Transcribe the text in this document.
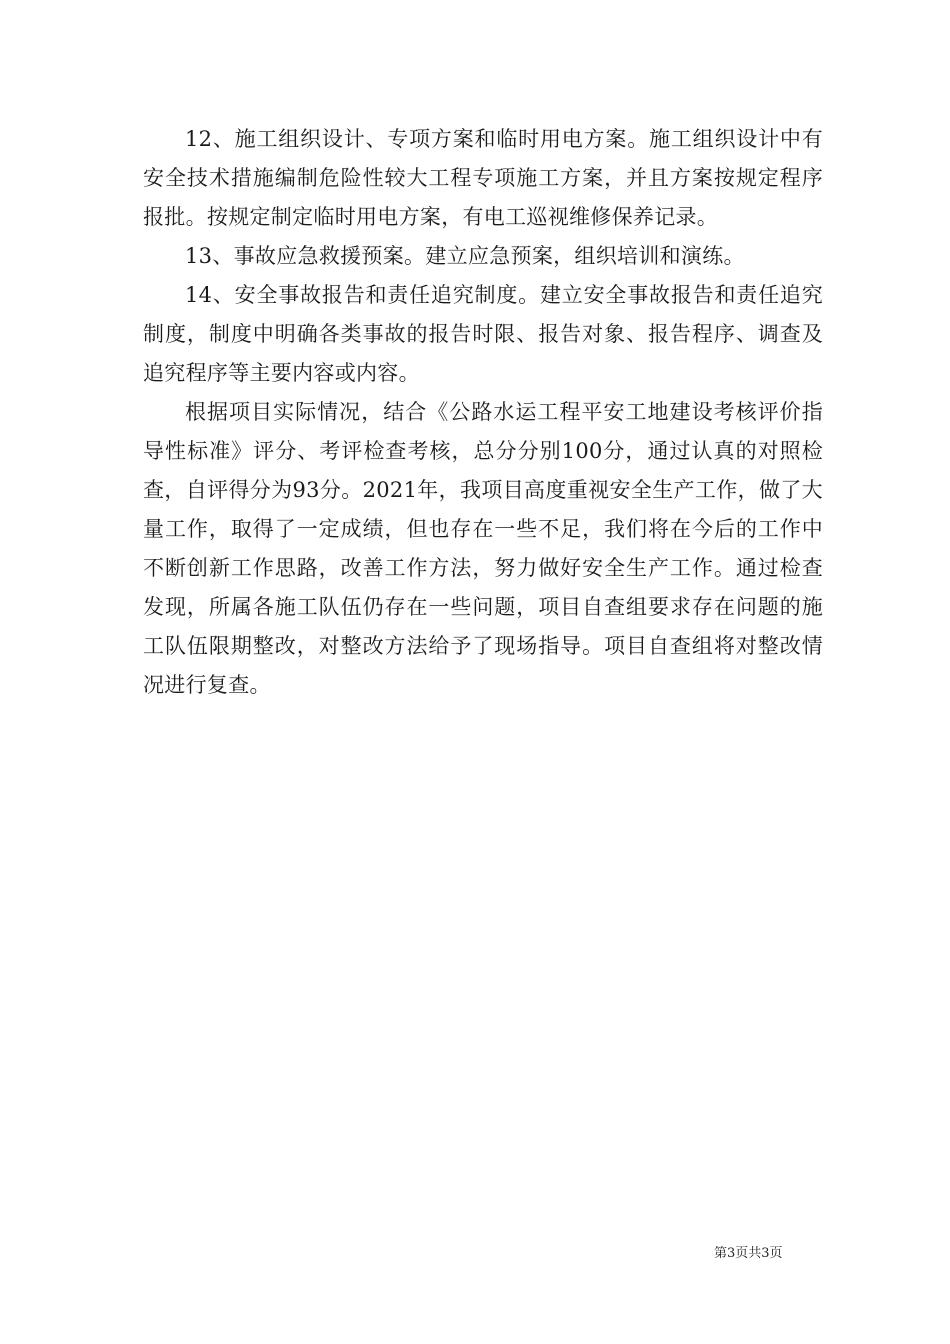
12、施工组织设计、专项方案和临时用电方案。施工组织设计中有安全技术措施编制危险性较大工程专项施工方案，并且方案按规定程序报批。按规定制定临时用电方案，有电工巡视维修保养记录。

13、事故应急救援预案。建立应急预案，组织培训和演练。

14、安全事故报告和责任追究制度。建立安全事故报告和责任追究制度，制度中明确各类事故的报告时限、报告对象、报告程序、调查及追究程序等主要内容或内容。

根据项目实际情况，结合《公路水运工程平安工地建设考核评价指导性标准》评分、考评检查考核，总分分别100分，通过认真的对照检查，自评得分为93分。2021年，我项目高度重视安全生产工作，做了大量工作，取得了一定成绩，但也存在一些不足，我们将在今后的工作中不断创新工作思路，改善工作方法，努力做好安全生产工作。通过检查发现，所属各施工队伍仍存在一些问题，项目自查组要求存在问题的施工队伍限期整改，对整改方法给予了现场指导。项目自查组将对整改情况进行复查。

第3页共3页
